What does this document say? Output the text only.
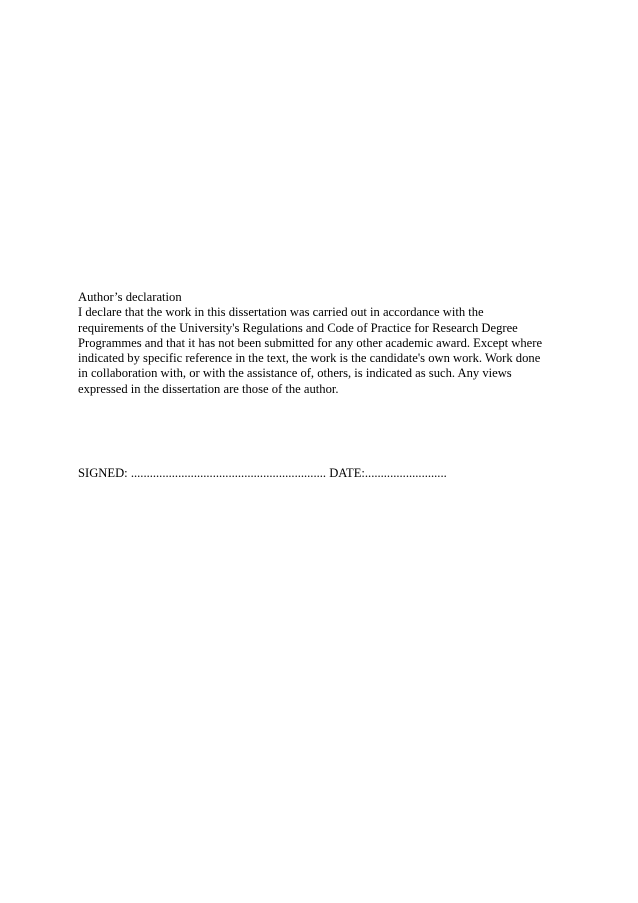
Author’s declaration
I declare that the work in this dissertation was carried out in accordance with the
requirements of the University's Regulations and Code of Practice for Research Degree
Programmes and that it has not been submitted for any other academic award. Except where
indicated by specific reference in the text, the work is the candidate's own work. Work done
in collaboration with, or with the assistance of, others, is indicated as such. Any views
expressed in the dissertation are those of the author.
SIGNED: .............................................................. DATE:..........................
